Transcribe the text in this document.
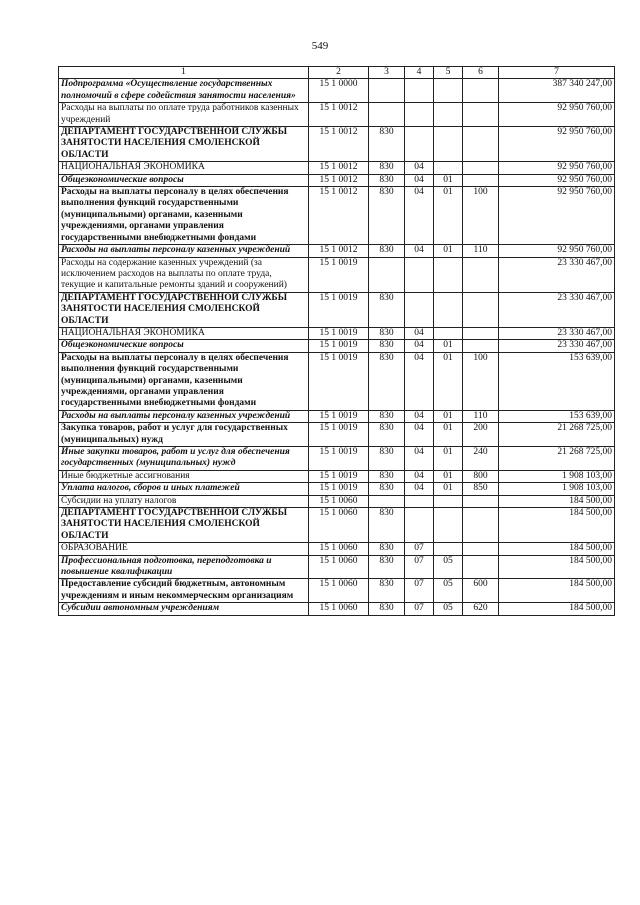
549
1	2	3	4	5	6	7
Подпрограмма «Осуществление государственных полномочий в сфере содействия занятости населения»	15 1 0000					387 340 247,00
Расходы на выплаты по оплате труда работников казенных учреждений	15 1 0012					92 950 760,00
ДЕПАРТАМЕНТ ГОСУДАРСТВЕННОЙ СЛУЖБЫ ЗАНЯТОСТИ НАСЕЛЕНИЯ СМОЛЕНСКОЙ ОБЛАСТИ	15 1 0012	830				92 950 760,00
НАЦИОНАЛЬНАЯ ЭКОНОМИКА	15 1 0012	830	04			92 950 760,00
Общеэкономические вопросы	15 1 0012	830	04	01		92 950 760,00
Расходы на выплаты персоналу в целях обеспечения выполнения функций государственными (муниципальными) органами, казенными учреждениями, органами управления государственными внебюджетными фондами	15 1 0012	830	04	01	100	92 950 760,00
Расходы на выплаты персоналу казенных учреждений	15 1 0012	830	04	01	110	92 950 760,00
Расходы на содержание казенных учреждений (за исключением расходов на выплаты по оплате труда, текущие и капитальные ремонты зданий и сооружений)	15 1 0019					23 330 467,00
ДЕПАРТАМЕНТ ГОСУДАРСТВЕННОЙ СЛУЖБЫ ЗАНЯТОСТИ НАСЕЛЕНИЯ СМОЛЕНСКОЙ ОБЛАСТИ	15 1 0019	830				23 330 467,00
НАЦИОНАЛЬНАЯ ЭКОНОМИКА	15 1 0019	830	04			23 330 467,00
Общеэкономические вопросы	15 1 0019	830	04	01		23 330 467,00
Расходы на выплаты персоналу в целях обеспечения выполнения функций государственными (муниципальными) органами, казенными учреждениями, органами управления государственными внебюджетными фондами	15 1 0019	830	04	01	100	153 639,00
Расходы на выплаты персоналу казенных учреждений	15 1 0019	830	04	01	110	153 639,00
Закупка товаров, работ и услуг для государственных (муниципальных) нужд	15 1 0019	830	04	01	200	21 268 725,00
Иные закупки товаров, работ и услуг для обеспечения государственных (муниципальных) нужд	15 1 0019	830	04	01	240	21 268 725,00
Иные бюджетные ассигнования	15 1 0019	830	04	01	800	1 908 103,00
Уплата налогов, сборов и иных платежей	15 1 0019	830	04	01	850	1 908 103,00
Субсидии на уплату налогов	15 1 0060					184 500,00
ДЕПАРТАМЕНТ ГОСУДАРСТВЕННОЙ СЛУЖБЫ ЗАНЯТОСТИ НАСЕЛЕНИЯ СМОЛЕНСКОЙ ОБЛАСТИ	15 1 0060	830				184 500,00
ОБРАЗОВАНИЕ	15 1 0060	830	07			184 500,00
Профессиональная подготовка, переподготовка и повышение квалификации	15 1 0060	830	07	05		184 500,00
Предоставление субсидий бюджетным, автономным учреждениям и иным некоммерческим организациям	15 1 0060	830	07	05	600	184 500,00
Субсидии автономным учреждениям	15 1 0060	830	07	05	620	184 500,00
